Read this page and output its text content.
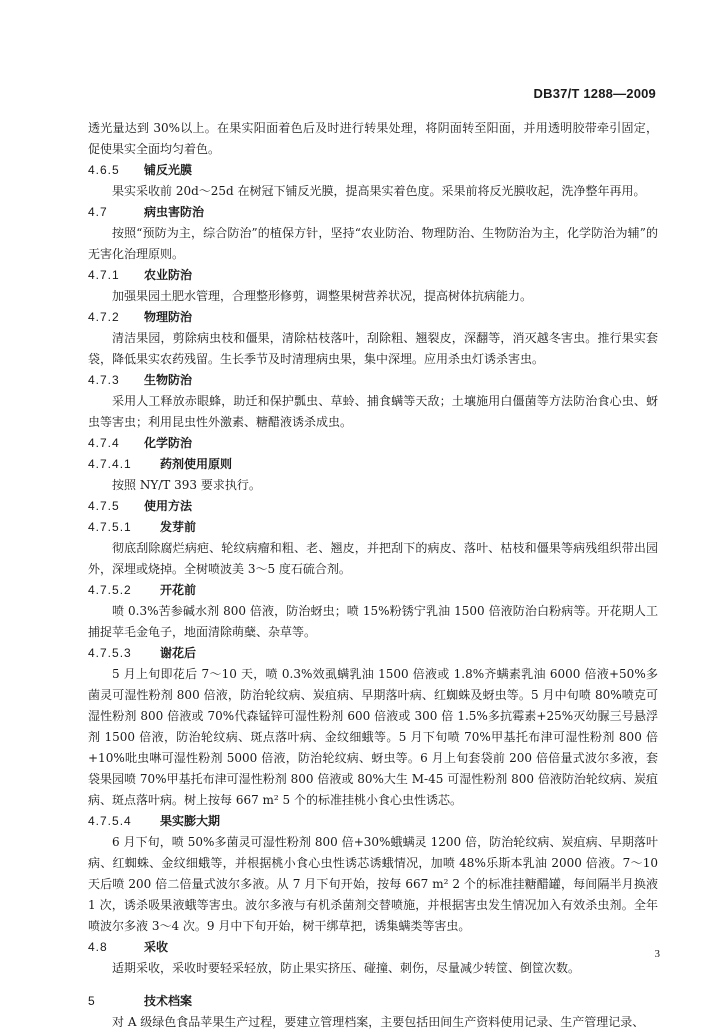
DB37/T 1288—2009

透光量达到 30%以上。在果实阳面着色后及时进行转果处理，将阴面转至阳面，并用透明胶带牵引固定，促使果实全面均匀着色。

4.6.5	铺反光膜

果实采收前 20d～25d 在树冠下铺反光膜，提高果实着色度。采果前将反光膜收起，洗净整年再用。

4.7	病虫害防治

按照“预防为主，综合防治”的植保方针，坚持“农业防治、物理防治、生物防治为主，化学防治为辅”的无害化治理原则。

4.7.1	农业防治

加强果园土肥水管理，合理整形修剪，调整果树营养状况，提高树体抗病能力。

4.7.2	物理防治

清洁果园，剪除病虫枝和僵果，清除枯枝落叶，刮除粗、翘裂皮，深翻等，消灭越冬害虫。推行果实套袋，降低果实农药残留。生长季节及时清理病虫果，集中深埋。应用杀虫灯诱杀害虫。

4.7.3	生物防治

采用人工释放赤眼蜂，助迁和保护瓢虫、草蛉、捕食螨等天敌；土壤施用白僵菌等方法防治食心虫、蚜虫等害虫；利用昆虫性外激素、糖醋液诱杀成虫。

4.7.4	化学防治
4.7.4.1	药剂使用原则

按照 NY/T 393 要求执行。

4.7.5	使用方法
4.7.5.1	发芽前

彻底刮除腐烂病疤、轮纹病瘤和粗、老、翘皮，并把刮下的病皮、落叶、枯枝和僵果等病残组织带出园外，深埋或烧掉。全树喷波美 3～5 度石硫合剂。

4.7.5.2	开花前

喷 0.3%苦参碱水剂 800 倍液，防治蚜虫；喷 15%粉锈宁乳油 1500 倍液防治白粉病等。开花期人工捕捉苹毛金龟子，地面清除萌蘖、杂草等。

4.7.5.3	谢花后

5 月上旬即花后 7～10 天，喷 0.3%效虱螨乳油 1500 倍液或 1.8%齐螨素乳油 6000 倍液+50%多菌灵可湿性粉剂 800 倍液，防治轮纹病、炭疽病、早期落叶病、红蜘蛛及蚜虫等。5 月中旬喷 80%喷克可湿性粉剂 800 倍液或 70%代森锰锌可湿性粉剂 600 倍液或 300 倍 1.5%多抗霉素+25%灭幼脲三号悬浮剂 1500 倍液，防治轮纹病、斑点落叶病、金纹细蛾等。5 月下旬喷 70%甲基托布津可湿性粉剂 800 倍+10%吡虫啉可湿性粉剂 5000 倍液，防治轮纹病、蚜虫等。6 月上旬套袋前 200 倍倍量式波尔多液，套袋果园喷 70%甲基托布津可湿性粉剂 800 倍液或 80%大生 M-45 可湿性粉剂 800 倍液防治轮纹病、炭疽病、斑点落叶病。树上按每 667 m² 5 个的标准挂桃小食心虫性诱芯。

4.7.5.4	果实膨大期

6 月下旬，喷 50%多菌灵可湿性粉剂 800 倍+30%蛾螨灵 1200 倍，防治轮纹病、炭疽病、早期落叶病、红蜘蛛、金纹细蛾等，并根据桃小食心虫性诱芯诱蛾情况，加喷 48%乐斯本乳油 2000 倍液。7～10 天后喷 200 倍二倍量式波尔多液。从 7 月下旬开始，按每 667 m² 2 个的标准挂糖醋罐，每间隔半月换液 1 次，诱杀吸果液蛾等害虫。波尔多液与有机杀菌剂交替喷施，并根据害虫发生情况加入有效杀虫剂。全年喷波尔多液 3～4 次。9 月中下旬开始，树干绑草把，诱集螨类等害虫。

4.8	采收

适期采收，采收时要轻采轻放，防止果实挤压、碰撞、刺伤，尽量减少转筐、倒筐次数。

5	技术档案

对 A 级绿色食品苹果生产过程，要建立管理档案，主要包括田间生产资料使用记录、生产管理记录、

3
